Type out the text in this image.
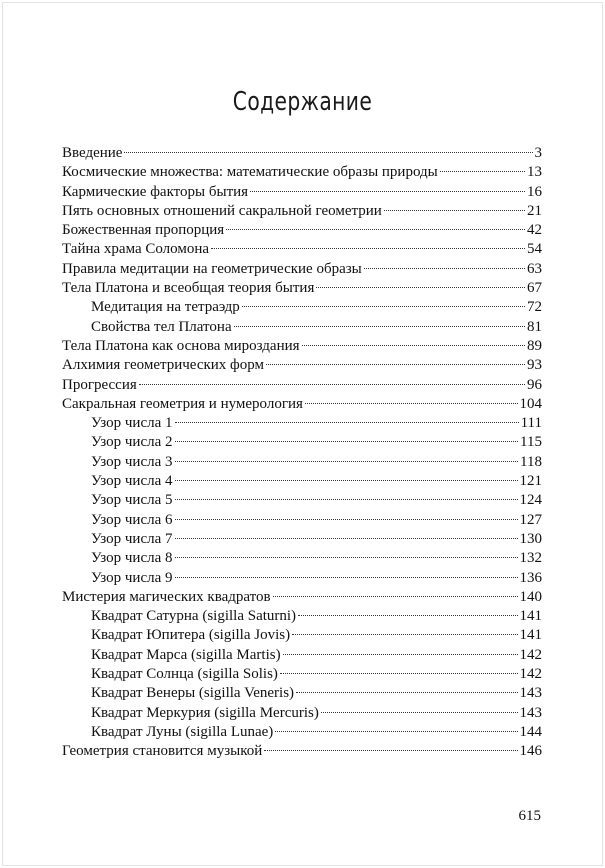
Содержание
Введение	3
Космические множества: математические образы природы	13
Кармические факторы бытия	16
Пять основных отношений сакральной геометрии	21
Божественная пропорция	42
Тайна храма Соломона	54
Правила медитации на геометрические образы	63
Тела Платона и всеобщая теория бытия	67
Медитация на тетраэдр	72
Свойства тел Платона	81
Тела Платона как основа мироздания	89
Алхимия геометрических форм	93
Прогрессия	96
Сакральная геометрия и нумерология	104
Узор числа 1	111
Узор числа 2	115
Узор числа 3	118
Узор числа 4	121
Узор числа 5	124
Узор числа 6	127
Узор числа 7	130
Узор числа 8	132
Узор числа 9	136
Мистерия магических квадратов	140
Квадрат Сатурна (sigilla Saturni)	141
Квадрат Юпитера (sigilla Jovis)	141
Квадрат Марса (sigilla Martis)	142
Квадрат Солнца (sigilla Solis)	142
Квадрат Венеры (sigilla Veneris)	143
Квадрат Меркурия (sigilla Mercuris)	143
Квадрат Луны (sigilla Lunae)	144
Геометрия становится музыкой	146
615
